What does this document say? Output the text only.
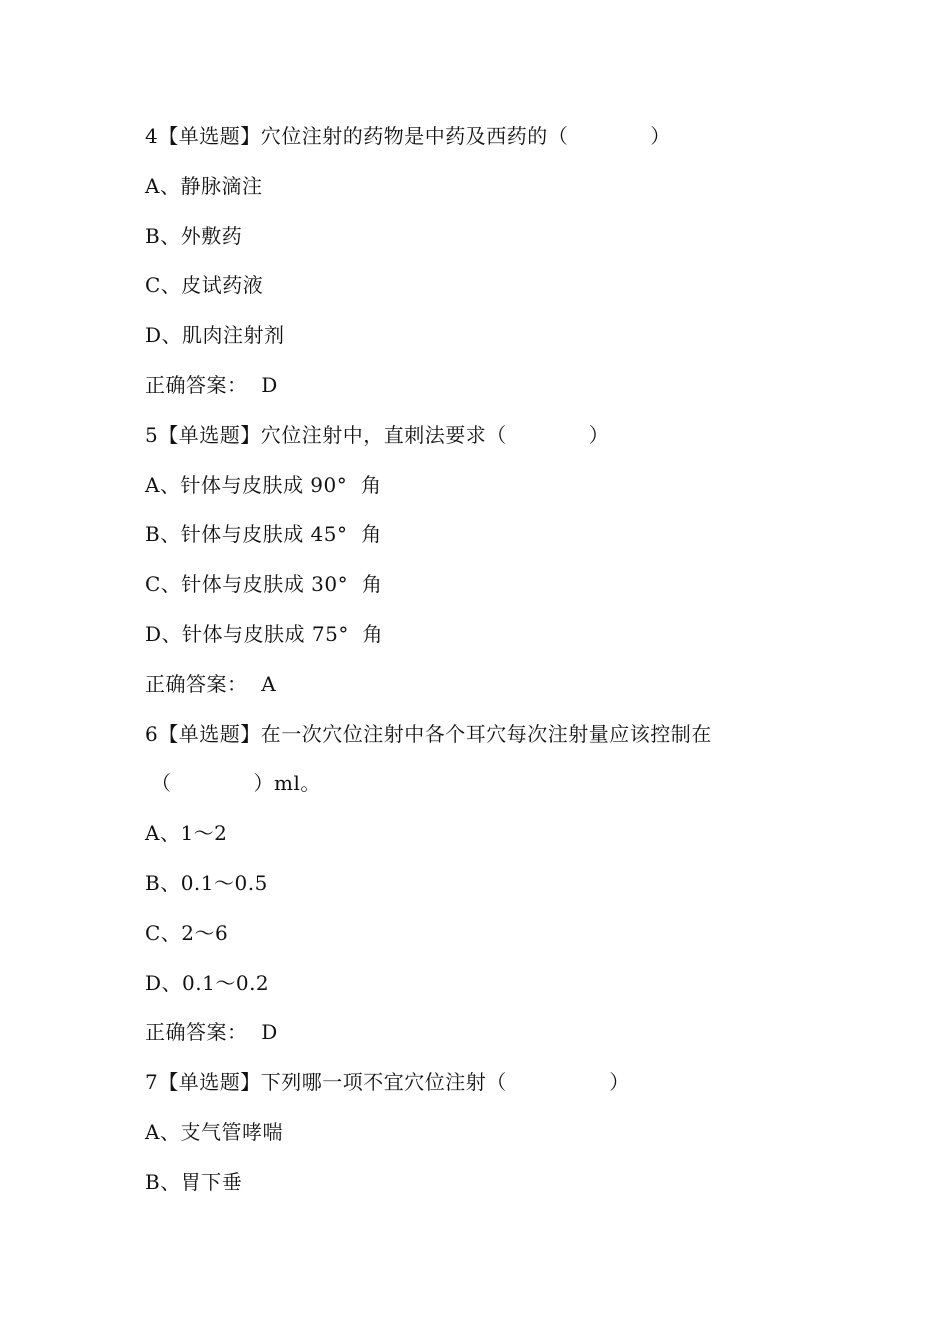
4【单选题】穴位注射的药物是中药及西药的（　　　　）
A、静脉滴注
B、外敷药
C、皮试药液
D、肌肉注射剂
正确答案：  D
5【单选题】穴位注射中，直刺法要求（　　　　）
A、针体与皮肤成 90°  角
B、针体与皮肤成 45°  角
C、针体与皮肤成 30°  角
D、针体与皮肤成 75°  角
正确答案：  A
6【单选题】在一次穴位注射中各个耳穴每次注射量应该控制在
（　　　　）ml。
A、1～2
B、0.1～0.5
C、2～6
D、0.1～0.2
正确答案：  D
7【单选题】下列哪一项不宜穴位注射（　　　　　）
A、支气管哮喘
B、胃下垂
